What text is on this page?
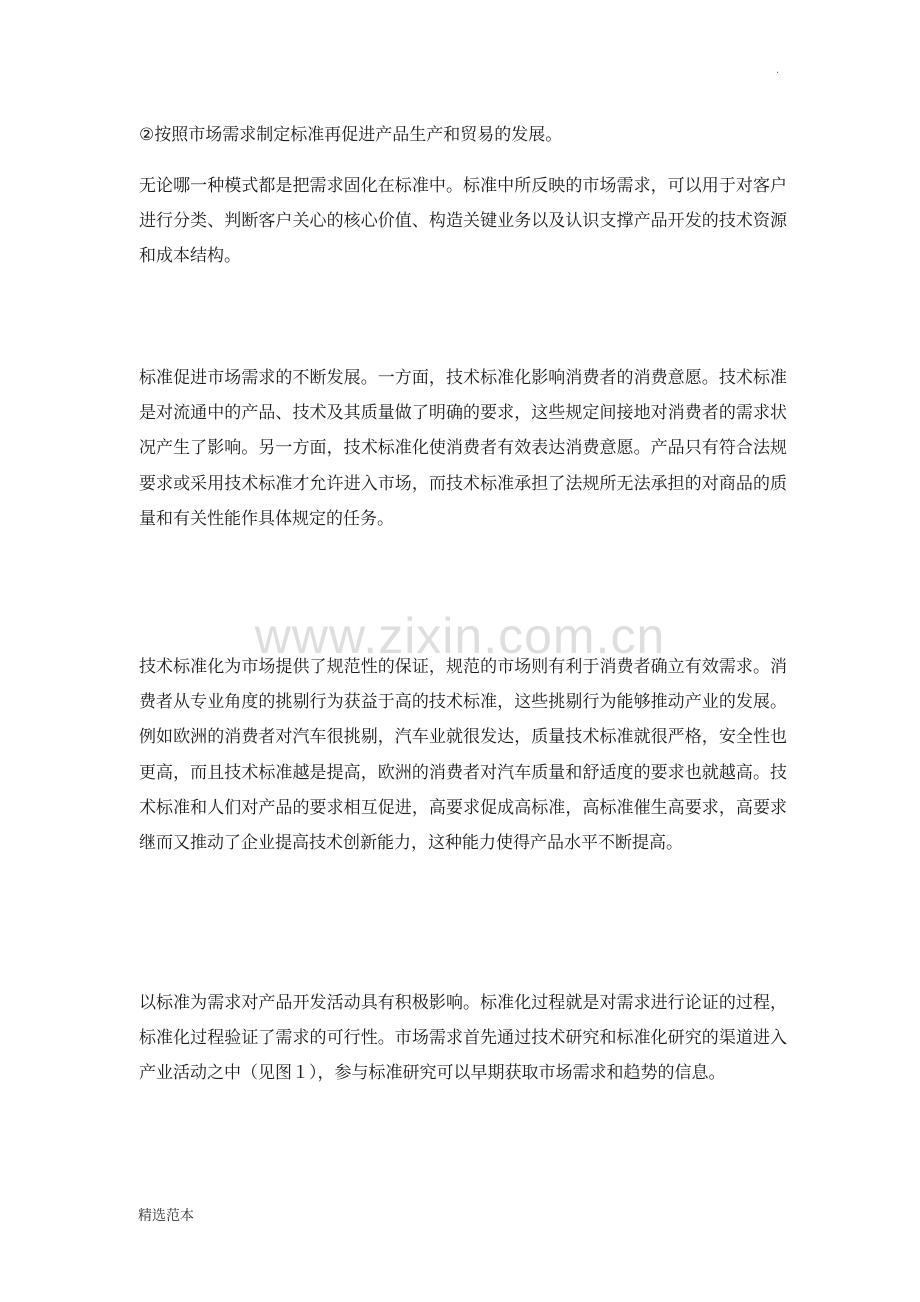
.

②按照市场需求制定标准再促进产品生产和贸易的发展。

无论哪一种模式都是把需求固化在标准中。标准中所反映的市场需求，可以用于对客户进行分类、判断客户关心的核心价值、构造关键业务以及认识支撑产品开发的技术资源和成本结构。

标准促进市场需求的不断发展。一方面，技术标准化影响消费者的消费意愿。技术标准是对流通中的产品、技术及其质量做了明确的要求，这些规定间接地对消费者的需求状况产生了影响。另一方面，技术标准化使消费者有效表达消费意愿。产品只有符合法规要求或采用技术标准才允许进入市场，而技术标准承担了法规所无法承担的对商品的质量和有关性能作具体规定的任务。

www.zixin.com.cn

技术标准化为市场提供了规范性的保证，规范的市场则有利于消费者确立有效需求。消费者从专业角度的挑剔行为获益于高的技术标准，这些挑剔行为能够推动产业的发展。例如欧洲的消费者对汽车很挑剔，汽车业就很发达，质量技术标准就很严格，安全性也更高，而且技术标准越是提高，欧洲的消费者对汽车质量和舒适度的要求也就越高。技术标准和人们对产品的要求相互促进，高要求促成高标准，高标准催生高要求，高要求继而又推动了企业提高技术创新能力，这种能力使得产品水平不断提高。

以标准为需求对产品开发活动具有积极影响。标准化过程就是对需求进行论证的过程，标准化过程验证了需求的可行性。市场需求首先通过技术研究和标准化研究的渠道进入产业活动之中（见图１），参与标准研究可以早期获取市场需求和趋势的信息。

精选范本
